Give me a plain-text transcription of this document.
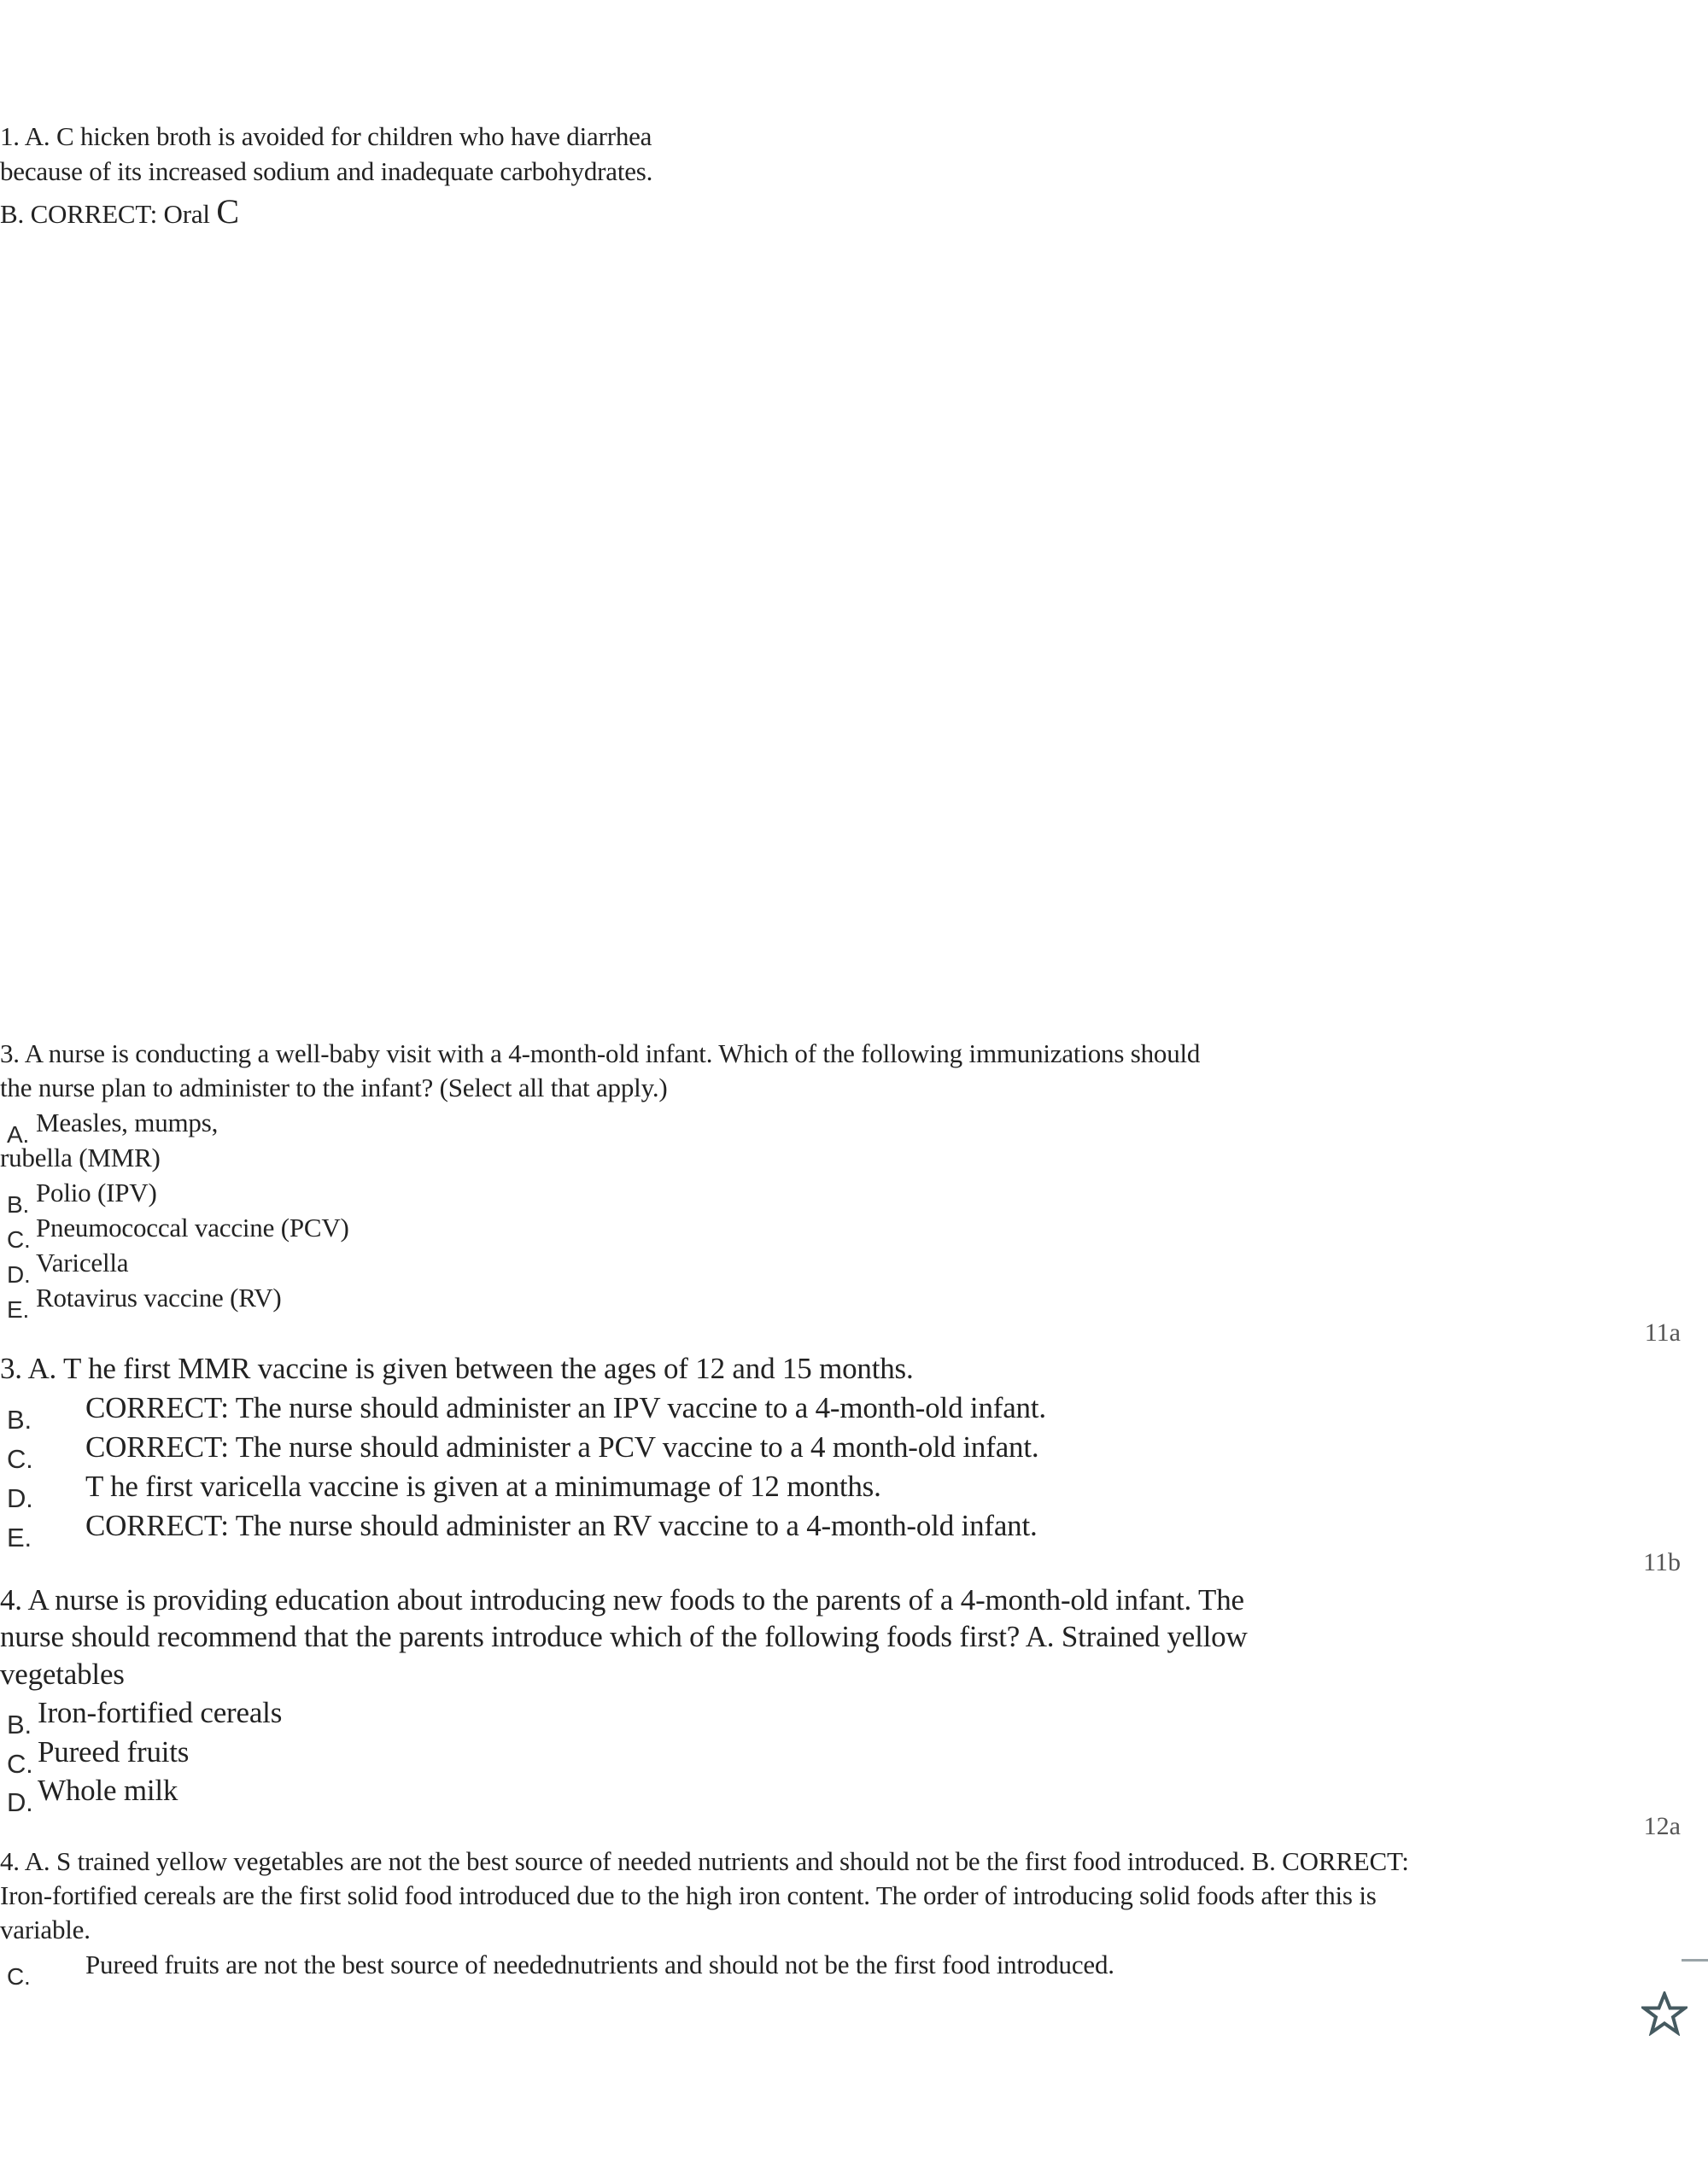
1. A. C hicken broth is avoided for children who have diarrhea
because of its increased sodium and inadequate carbohydrates.
B. CORRECT: Oral C
3. A nurse is conducting a well-baby visit with a 4-month-old infant. Which of the following immunizations should
the nurse plan to administer to the infant? (Select all that apply.)

A.
Measles, mumps,

rubella (MMR)

B.
Polio (IPV)

C.
Pneumococcal vaccine (PCV)

D.
Varicella

E.
Rotavirus vaccine (RV)

11a
3. A. T he first MMR vaccine is given between the ages of 12 and 15 months.

B.
CORRECT: The nurse should administer an IPV vaccine to a 4-month-old infant.

C.
CORRECT: The nurse should administer a PCV vaccine to a 4 month-old infant.

D.
T he first varicella vaccine is given at a minimumage of 12 months.

E.
CORRECT: The nurse should administer an RV vaccine to a 4-month-old infant.

11b
4. A nurse is providing education about introducing new foods to the parents of a 4-month-old infant. The
nurse should recommend that the parents introduce which of the following foods first? A. Strained yellow
vegetables

B.
Iron-fortified cereals

C.
Pureed fruits

D.
Whole milk

12a
4. A. S trained yellow vegetables are not the best source of needed nutrients and should not be the first food introduced. B. CORRECT:
Iron-fortified cereals are the first solid food introduced due to the high iron content. The order of introducing solid foods after this is
variable.

C.
Pureed fruits are not the best source of needednutrients and should not be the first food introduced.
